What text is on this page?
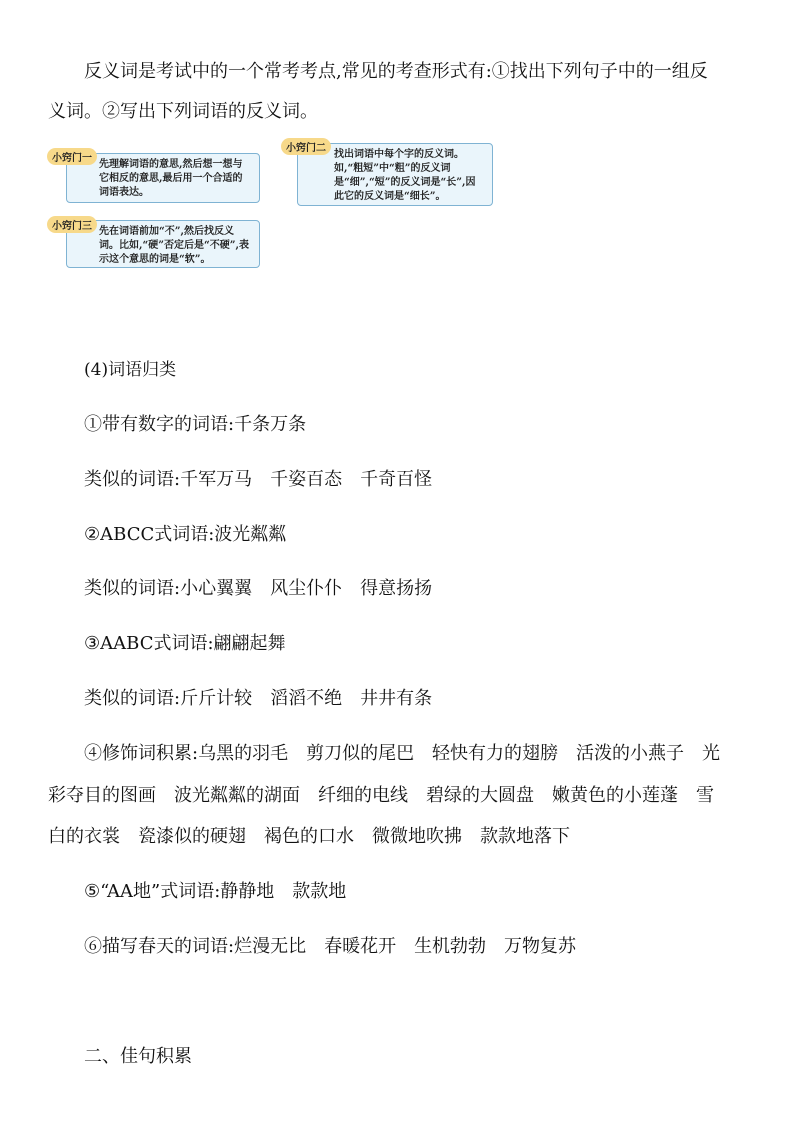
反义词是考试中的一个常考考点,常见的考查形式有:①找出下列句子中的一组反
义词。②写出下列词语的反义词。
先理解词语的意思,然后想一想与它相反的意思,最后用一个合适的词语表达。
小窍门一	找出词语中每个字的反义词。如,“粗短”中“粗”的反义词是“细”,“短”的反义词是“长”,因此它的反义词是“细长”。
小窍门二
先在词语前加“不”,然后找反义词。比如,“硬”否定后是“不硬”,表示这个意思的词是“软”。
小窍门三
(4)词语归类
①带有数字的词语:千条万条
类似的词语:千军万马　千姿百态　千奇百怪
②ABCC式词语:波光粼粼
类似的词语:小心翼翼　风尘仆仆　得意扬扬
③AABC式词语:翩翩起舞
类似的词语:斤斤计较　滔滔不绝　井井有条
④修饰词积累:乌黑的羽毛　剪刀似的尾巴　轻快有力的翅膀　活泼的小燕子　光
彩夺目的图画　波光粼粼的湖面　纤细的电线　碧绿的大圆盘　嫩黄色的小莲蓬　雪
白的衣裳　瓷漆似的硬翅　褐色的口水　微微地吹拂　款款地落下
⑤“AA地”式词语:静静地　款款地
⑥描写春天的词语:烂漫无比　春暖花开　生机勃勃　万物复苏
二、佳句积累
